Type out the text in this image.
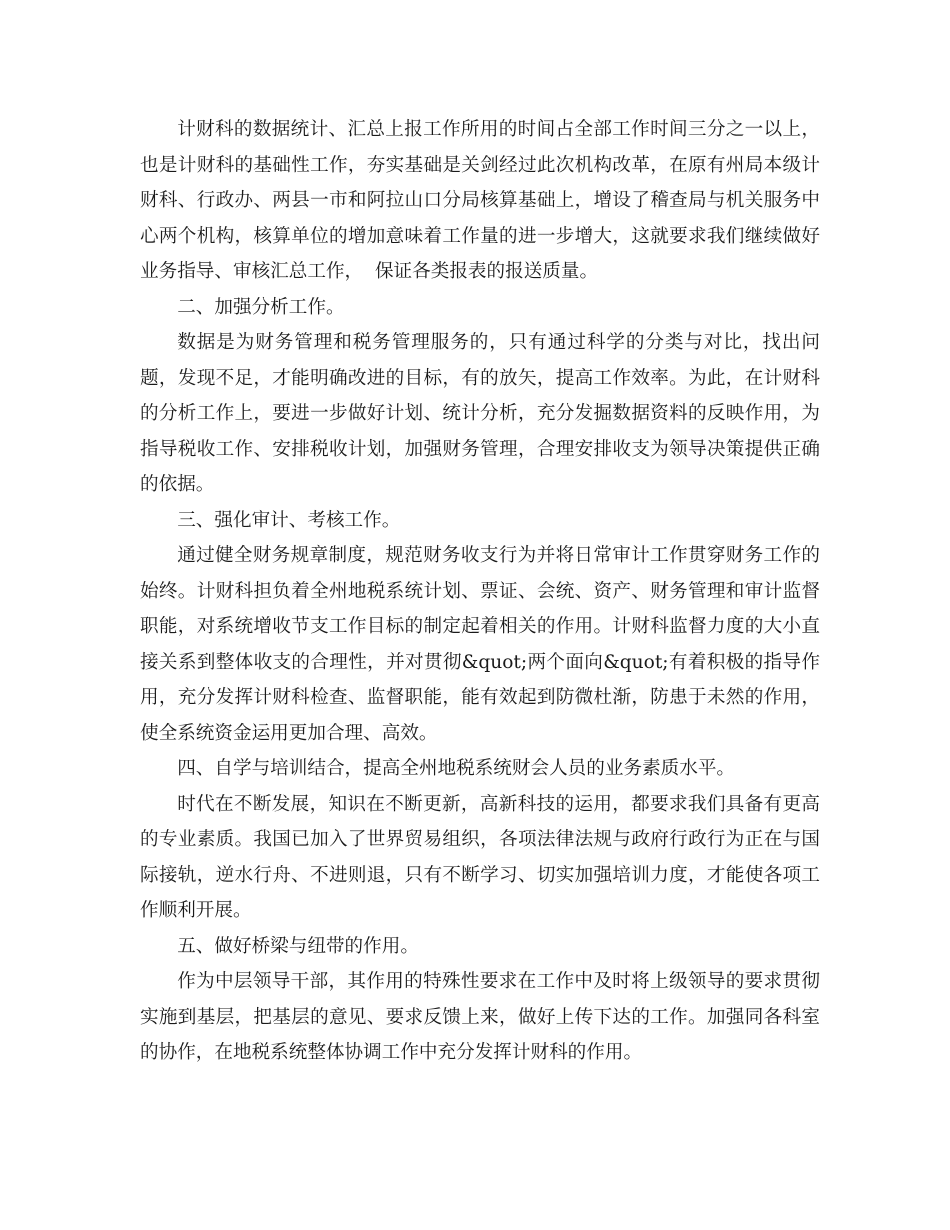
计财科的数据统计、汇总上报工作所用的时间占全部工作时间三分之一以上，也是计财科的基础性工作，夯实基础是关剑经过此次机构改革，在原有州局本级计财科、行政办、两县一市和阿拉山口分局核算基础上，增设了稽查局与机关服务中心两个机构，核算单位的增加意味着工作量的进一步增大，这就要求我们继续做好业务指导、审核汇总工作，  保证各类报表的报送质量。

二、加强分析工作。

数据是为财务管理和税务管理服务的，只有通过科学的分类与对比，找出问题，发现不足，才能明确改进的目标，有的放矢，提高工作效率。为此，在计财科的分析工作上，要进一步做好计划、统计分析，充分发掘数据资料的反映作用，为指导税收工作、安排税收计划，加强财务管理，合理安排收支为领导决策提供正确的依据。

三、强化审计、考核工作。

通过健全财务规章制度，规范财务收支行为并将日常审计工作贯穿财务工作的始终。计财科担负着全州地税系统计划、票证、会统、资产、财务管理和审计监督职能，对系统增收节支工作目标的制定起着相关的作用。计财科监督力度的大小直接关系到整体收支的合理性，并对贯彻&quot;两个面向&quot;有着积极的指导作用，充分发挥计财科检查、监督职能，能有效起到防微杜渐，防患于未然的作用，使全系统资金运用更加合理、高效。

四、自学与培训结合，提高全州地税系统财会人员的业务素质水平。

时代在不断发展，知识在不断更新，高新科技的运用，都要求我们具备有更高的专业素质。我国已加入了世界贸易组织，各项法律法规与政府行政行为正在与国际接轨，逆水行舟、不进则退，只有不断学习、切实加强培训力度，才能使各项工作顺利开展。

五、做好桥梁与纽带的作用。

作为中层领导干部，其作用的特殊性要求在工作中及时将上级领导的要求贯彻实施到基层，把基层的意见、要求反馈上来，做好上传下达的工作。加强同各科室的协作，在地税系统整体协调工作中充分发挥计财科的作用。
